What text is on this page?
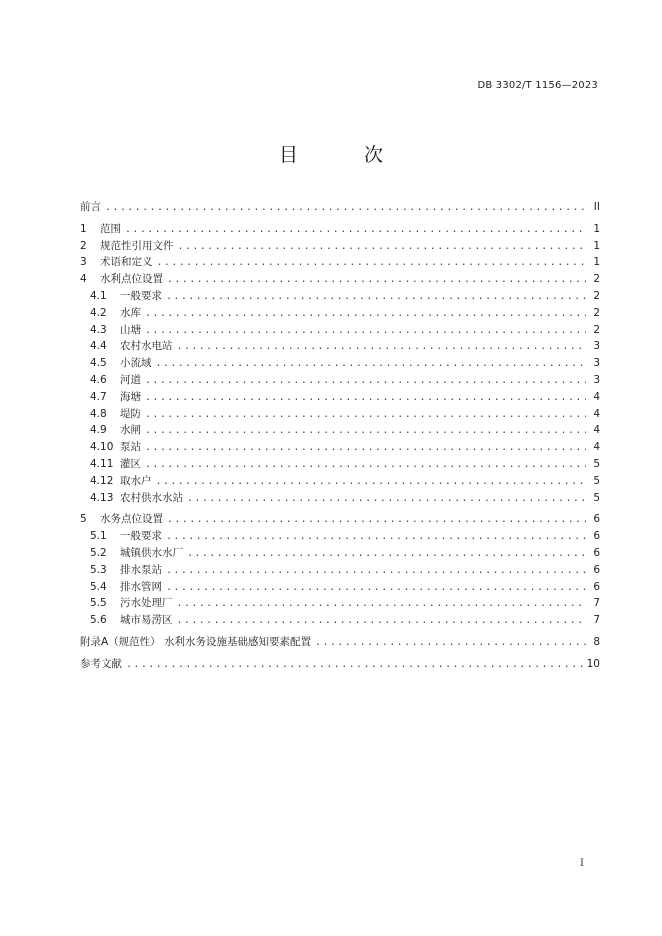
DB 3302/T 1156—2023
目 次
前言 .....	II
1	范围 .....	1
2	规范性引用文件 .....	1
3	术语和定义 .....	1
4	水利点位设置 .....	2
4.1	一般要求 .....	2
4.2	水库 .....	2
4.3	山塘 .....	2
4.4	农村水电站 .....	3
4.5	小流域 .....	3
4.6	河道 .....	3
4.7	海塘 .....	4
4.8	堤防 .....	4
4.9	水闸 .....	4
4.10 泵站 .....	4
4.11 灌区 .....	5
4.12 取水户 .....	5
4.13 农村供水水站 .....	5
5	水务点位设置 .....	6
5.1	一般要求 .....	6
5.2	城镇供水水厂 .....	6
5.3	排水泵站 .....	6
5.4	排水管网 .....	6
5.5	污水处理厂 .....	7
5.6	城市易涝区 .....	7
附录A（规范性） 水利水务设施基础感知要素配置 .....	8
参考文献 .....	10
I
